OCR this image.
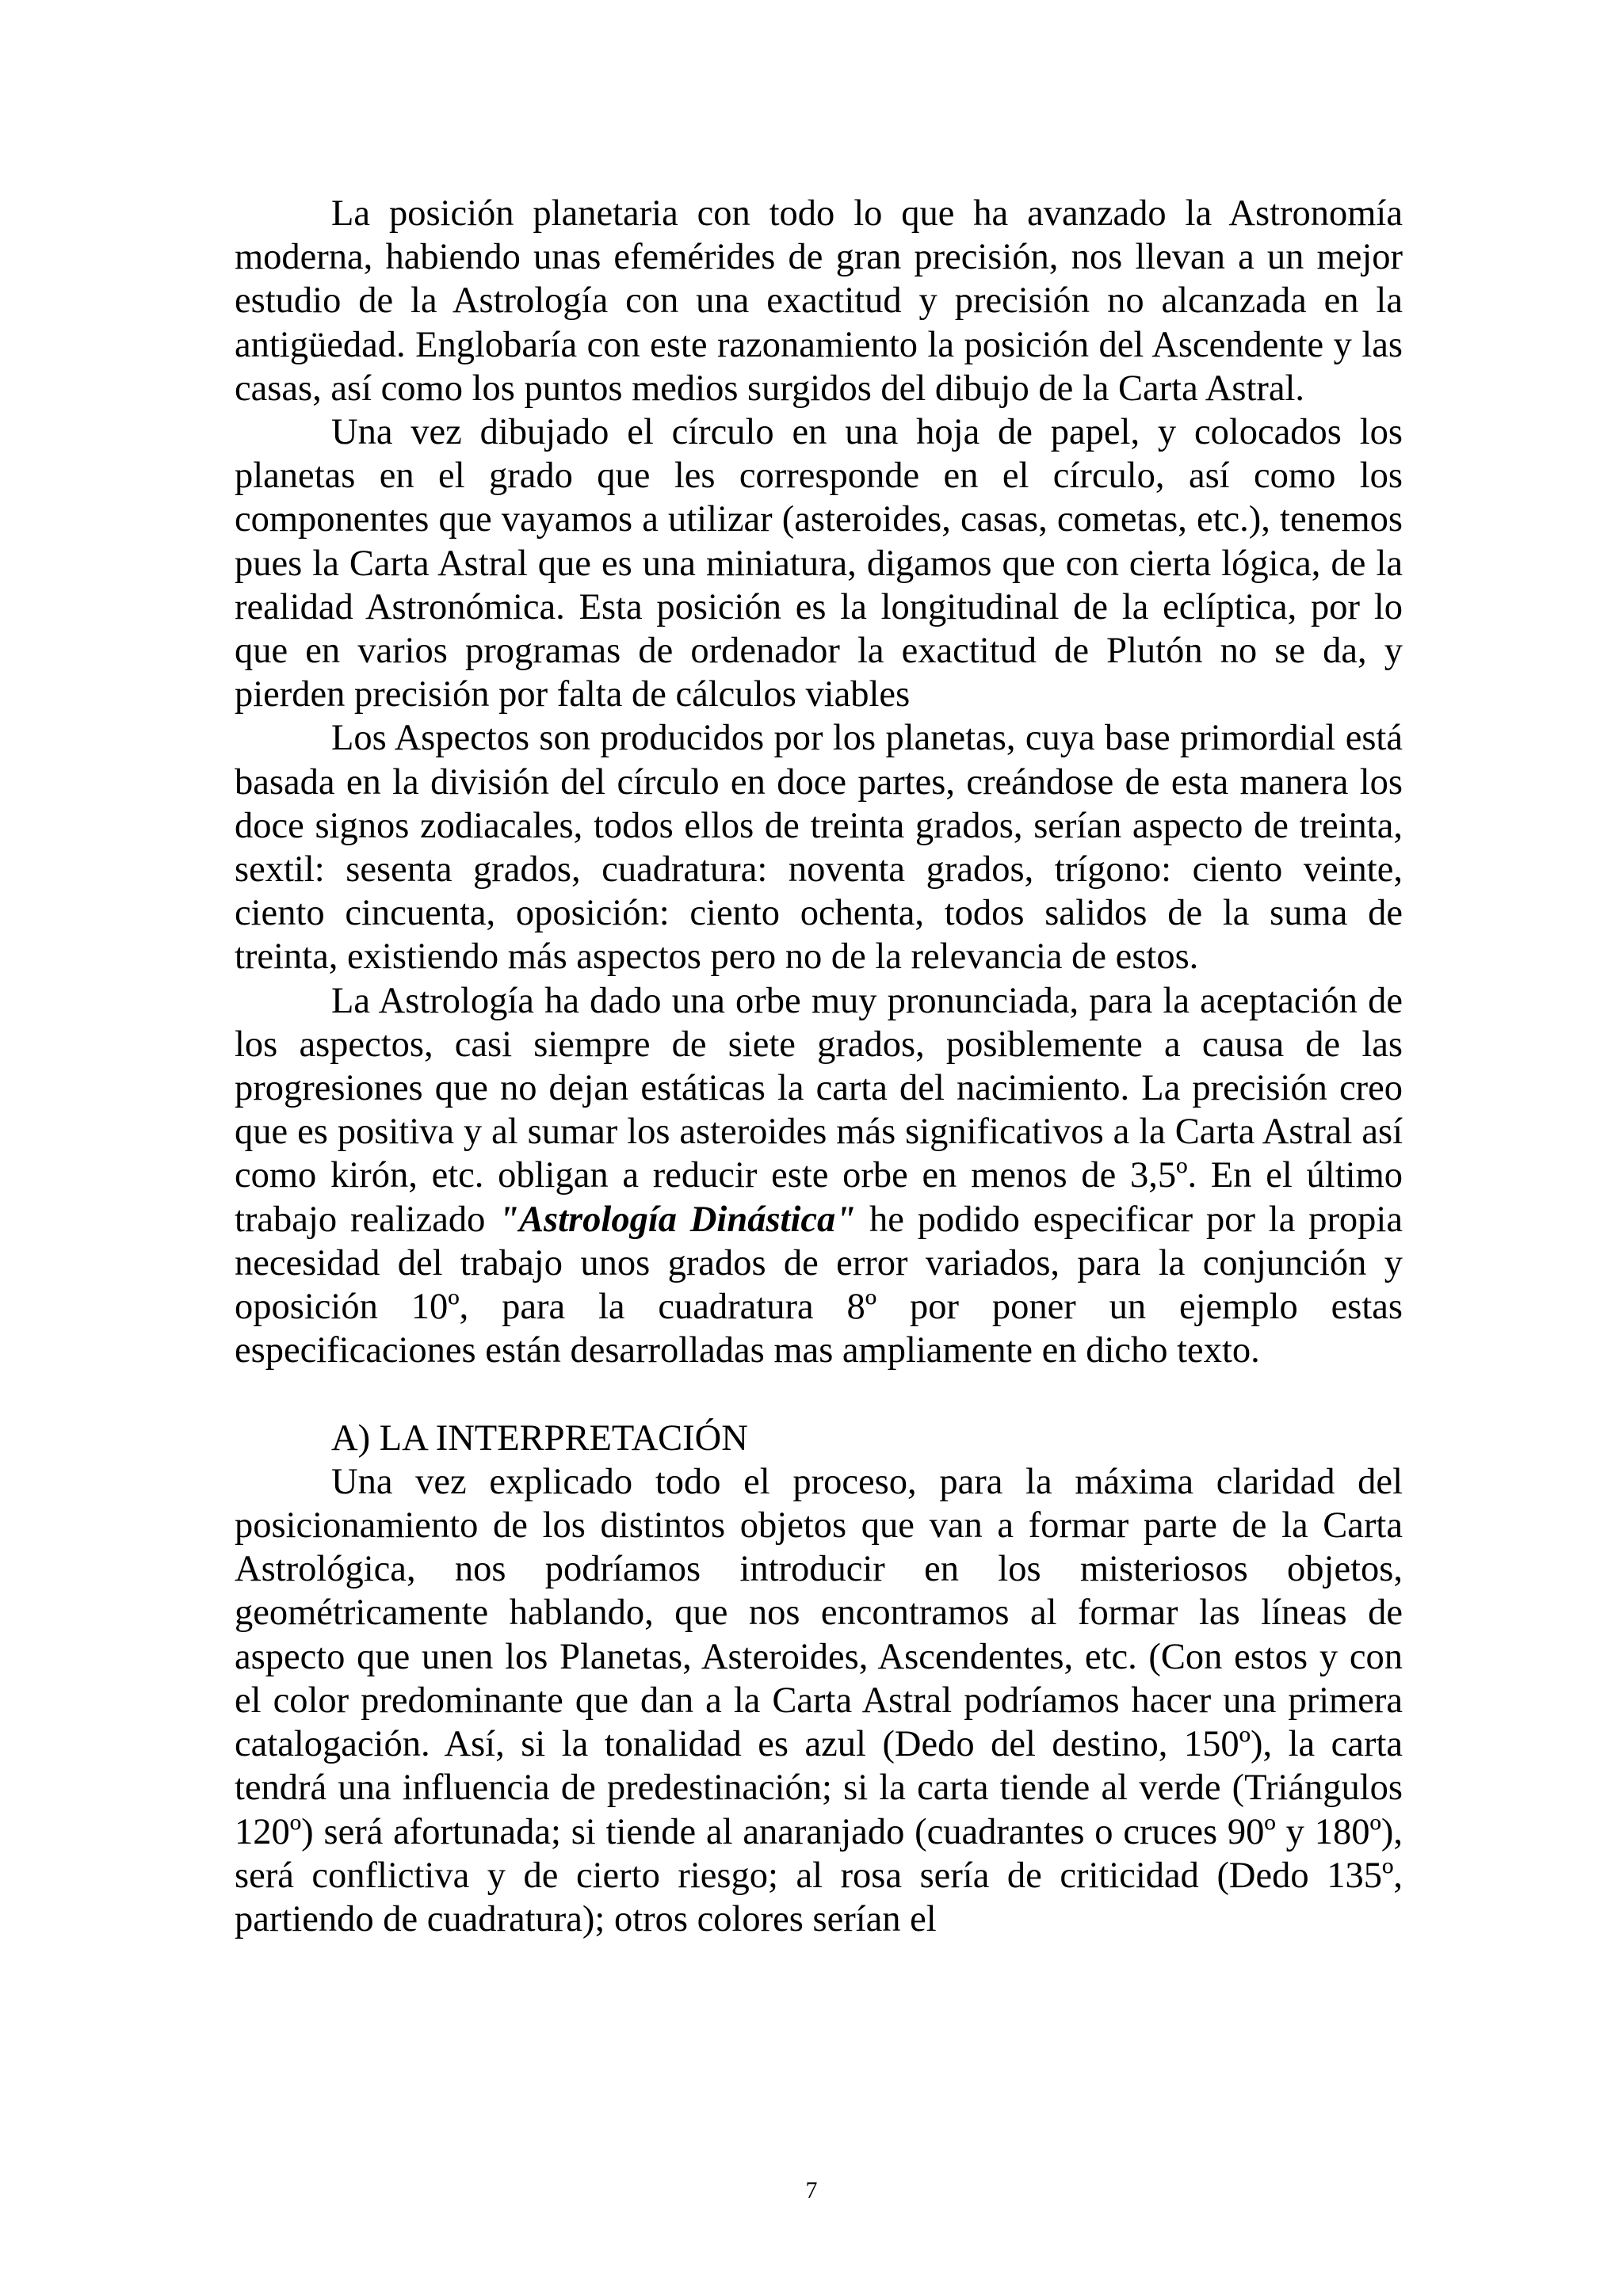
La posición planetaria con todo lo que ha avanzado la Astronomía moderna, habiendo unas efemérides de gran precisión, nos llevan a un mejor estudio de la Astrología con una exactitud y precisión no alcanzada en la antigüedad. Englobaría con este razonamiento la posición del Ascendente y las casas, así como los puntos medios surgidos del dibujo de la Carta Astral.

Una vez dibujado el círculo en una hoja de papel, y colocados los planetas en el grado que les corresponde en el círculo, así como los componentes que vayamos a utilizar (asteroides, casas, cometas, etc.), tenemos pues la Carta Astral que es una miniatura, digamos que con cierta lógica, de la realidad Astronómica. Esta posición es la longitudinal de la eclíptica, por lo que en varios programas de ordenador la exactitud de Plutón no se da, y pierden precisión por falta de cálculos viables

Los Aspectos son producidos por los planetas, cuya base primordial está basada en la división del círculo en doce partes, creándose de esta manera los doce signos zodiacales, todos ellos de treinta grados, serían aspecto de treinta, sextil: sesenta grados, cuadratura: noventa grados, trígono: ciento veinte, ciento cincuenta, oposición: ciento ochenta, todos salidos de la suma de treinta, existiendo más aspectos pero no de la relevancia de estos.

La Astrología ha dado una orbe muy pronunciada, para la aceptación de los aspectos, casi siempre de siete grados, posiblemente a causa de las progresiones que no dejan estáticas la carta del nacimiento. La precisión creo que es positiva y al sumar los asteroides más significativos a la Carta Astral así como kirón, etc. obligan a reducir este orbe en menos de 3,5º. En el último trabajo realizado "Astrología Dinástica" he podido especificar por la propia necesidad del trabajo unos grados de error variados, para la conjunción y oposición 10º, para la cuadratura 8º por poner un ejemplo estas especificaciones están desarrolladas mas ampliamente en dicho texto.

A) LA INTERPRETACIÓN

Una vez explicado todo el proceso, para la máxima claridad del posicionamiento de los distintos objetos que van a formar parte de la Carta Astrológica, nos podríamos introducir en los misteriosos objetos, geométricamente hablando, que nos encontramos al formar las líneas de aspecto que unen los Planetas, Asteroides, Ascendentes, etc. (Con estos y con el color predominante que dan a la Carta Astral podríamos hacer una primera catalogación. Así, si la tonalidad es azul (Dedo del destino, 150º), la carta tendrá una influencia de predestinación; si la carta tiende al verde (Triángulos 120º) será afortunada; si tiende al anaranjado (cuadrantes o cruces 90º y 180º), será conflictiva y de cierto riesgo; al rosa sería de criticidad (Dedo 135º, partiendo de cuadratura); otros colores serían el

7
